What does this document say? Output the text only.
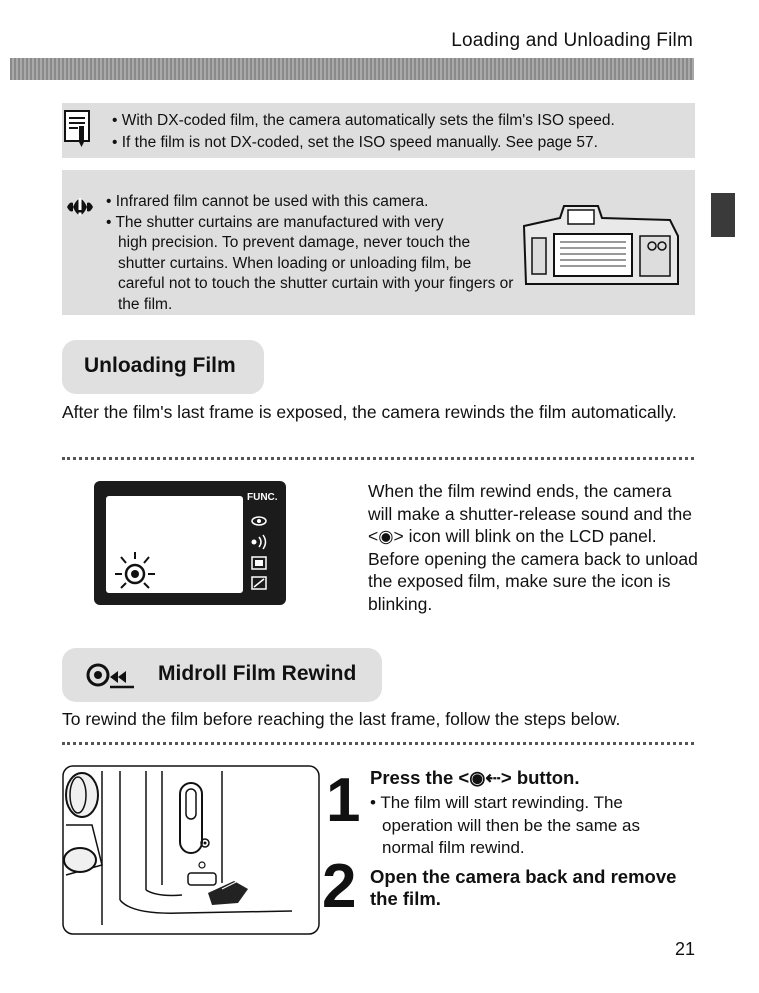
Loading and Unloading Film
• With DX-coded film, the camera automatically sets the film's ISO speed.
• If the film is not DX-coded, set the ISO speed manually. See page 57.
• Infrared film cannot be used with this camera.
• The shutter curtains are manufactured with very
high precision. To prevent damage, never touch the shutter curtains. When loading or unloading film, be careful not to touch the shutter curtain with your fingers or the film.
Unloading Film
After the film's last frame is exposed, the camera rewinds the film automatically.
FUNC.	When the film rewind ends, the camera will make a shutter-release sound and the <◉> icon will blink on the LCD panel. Before opening the camera back to unload the exposed film, make sure the icon is blinking.
Midroll Film Rewind
To rewind the film before reaching the last frame, follow the steps below.
1 Press the <◉⇠> button.
• The film will start rewinding. The
operation will then be the same as normal film rewind.
2 Open the camera back and remove the film.
21
